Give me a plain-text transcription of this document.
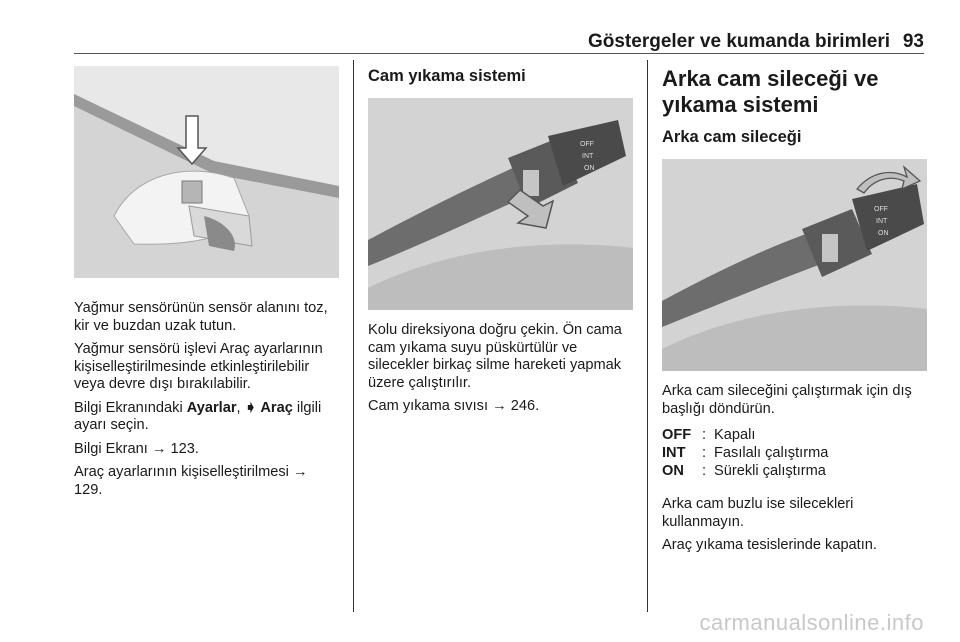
Göstergeler ve kumanda birimleri 93

Yağmur sensörünün sensör alanını toz, kir ve buzdan uzak tutun.

Yağmur sensörü işlevi Araç ayarlarının kişiselleştirilmesinde etkinleştirilebilir veya devre dışı bırakılabilir.

Bilgi Ekranındaki Ayarlar, ➧ Araç ilgili ayarı seçin.

Bilgi Ekranı → 123.

Araç ayarlarının kişiselleştirilmesi → 129.

Cam yıkama sistemi
OFF
INT
ON

Kolu direksiyona doğru çekin. Ön cama cam yıkama suyu püskürtülür ve silecekler birkaç silme hareketi yapmak üzere çalıştırılır.

Cam yıkama sıvısı → 246.

Arka cam sileceği ve yıkama sistemi
Arka cam sileceği
OFF
INT
ON

Arka cam sileceğini çalıştırmak için dış başlığı döndürün.

OFF : Kapalı
INT	: Fasılalı çalıştırma
ON	: Sürekli çalıştırma

Arka cam buzlu ise silecekleri kullanmayın.

Araç yıkama tesislerinde kapatın.

carmanualsonline.info
